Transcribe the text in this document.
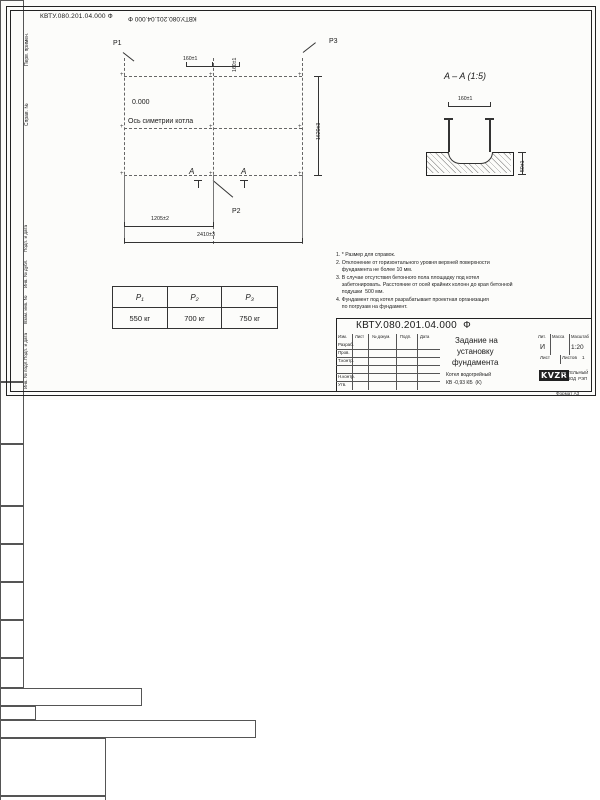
Перв. примен.
Справ. №
Подп. и дата
Инв. № дубл.
Взам. инв. №
Подп. и дата
Инв. № подл.
КВТУ.080.201.04.000 Ф КВТУ.080.201.04.000 Ф
+	+	+
+	+	+
+	+	+
P1	P3
P2
0.000
Ось симетрии котла
160±1	160±1
1620±3
A	A
1205±2
2410±3
A – A (1:5)
160±1
50±1
P₁	P₂	P₃
550 кг	700 кг	750 кг
1. * Размер для справок.
2. Отклонение от горизонтального уровня верхней поверхности
фундамента не более 10 мм.
3. В случае отсутствия бетонного пола площадку под котел
забетонировать. Расстояние от осей крайних колонн до края бетонной
подушки  500 мм.
4. Фундамент под котел разрабатывает проектная организация
по погрузам на фундамент.
КВТУ.080.201.04.000  Ф
Изм. Лист № докум. Подп. Дата
Разраб.
Пров.
Т.контр.
Н.контр.
Утв.
Задание на
установку
фундамента
Котел водогрейный
КВ -0,93 КБ  (К)
Лит. Масса Масштаб
И	1:20
Лист	Листов 1
KVZR
КОТЕЛЬНЫЙ
ЗАВОД  РЭП
Формат А3
